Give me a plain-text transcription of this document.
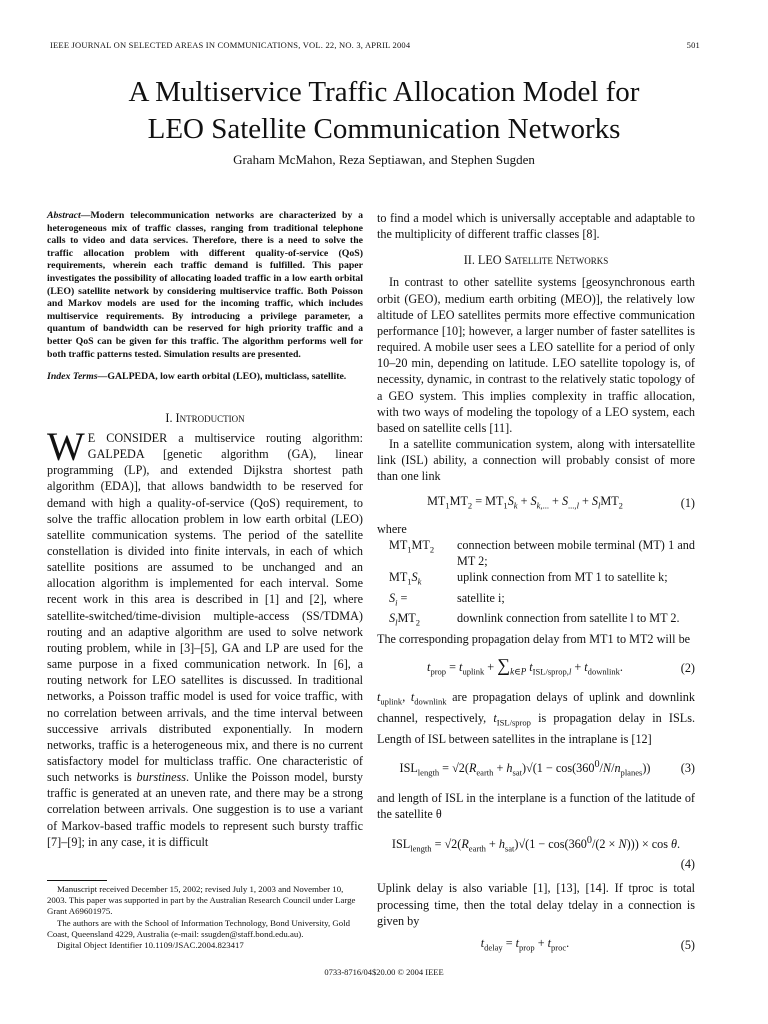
IEEE JOURNAL ON SELECTED AREAS IN COMMUNICATIONS, VOL. 22, NO. 3, APRIL 2004	501
A Multiservice Traffic Allocation Model for
LEO Satellite Communication Networks
Graham McMahon, Reza Septiawan, and Stephen Sugden
Abstract—Modern telecommunication networks are characterized by a heterogeneous mix of traffic classes, ranging from traditional telephone calls to video and data services. Therefore, there is a need to solve the traffic allocation problem with different quality-of-service (QoS) requirements, wherein each traffic demand is fulfilled. This paper investigates the possibility of allocating loaded traffic in a low earth orbital (LEO) satellite network by considering multiservice traffic. Both Poisson and Markov models are used for the incoming traffic, which includes multiservice requirements. By introducing a privilege parameter, a quantum of bandwidth can be reserved for high priority traffic and a better QoS can be given for this traffic. The algorithm performs well for both traffic patterns tested. Simulation results are presented.
Index Terms—GALPEDA, low earth orbital (LEO), multiclass, satellite.
I. Introduction

W E CONSIDER a multiservice routing algorithm: GALPEDA [genetic algorithm (GA), linear programming (LP), and extended Dijkstra shortest path algorithm (EDA)], that allows bandwidth to be reserved for demand with high a quality-of-service (QoS) requirement, to solve the traffic allocation problem in low earth orbital (LEO) satellite communication systems. The period of the satellite constellation is divided into finite intervals, in each of which satellite positions are assumed to be unchanged and an allocation algorithm is implemented for each interval. Some recent work in this area is described in [1] and [2], where satellite-switched/time-division multiple-access (SS/TDMA) routing and an adaptive algorithm are used to solve network routing problem, while in [3]–[5], GA and LP are used for the same purpose in a fixed communication network. In [6], a routing network for LEO satellites is discussed. In traditional networks, a Poisson traffic model is used for voice traffic, with no correlation between arrivals, and the time interval between successive arrivals distributed exponentially. In modern networks, traffic is a heterogeneous mix, and there is no current satisfactory model for multiclass traffic. One characteristic of such networks is burstiness. Unlike the Poisson model, bursty traffic is generated at an uneven rate, and there may be a strong correlation between arrivals. One suggestion is to use a variant of Markov-based traffic models to represent such bursty traffic [7]–[9]; in any case, it is difficult

Manuscript received December 15, 2002; revised July 1, 2003 and November 10, 2003. This paper was supported in part by the Australian Research Council under Large Grant A69601975.

The authors are with the School of Information Technology, Bond University, Gold Coast, Queensland 4229, Australia (e-mail: ssugden@staff.bond.edu.au).

Digital Object Identifier 10.1109/JSAC.2004.823417

to find a model which is universally acceptable and adaptable to the multiplicity of different traffic classes [8].

II. LEO Satellite Networks

In contrast to other satellite systems [geosynchronous earth orbit (GEO), medium earth orbiting (MEO)], the relatively low altitude of LEO satellites permits more effective communication performance [10]; however, a larger number of faster satellites is required. A mobile user sees a LEO satellite for a period of only 10–20 min, depending on latitude. LEO satellite topology is, of necessity, dynamic, in contrast to the relatively static topology of a GEO system. This implies complexity in traffic allocation, with two ways of modeling the topology of a LEO system, each based on satellite cells [11].

In a satellite communication system, along with intersatellite link (ISL) ability, a connection will probably consist of more than one link

$MT_1MT_2 = MT_1S_k + S_{k,...} + S_{...,l} + S_lMT_2$	(1)

where

$MT_1MT_2$	connection between mobile terminal (MT) 1 and MT 2;
$MT_1S_k$	uplink connection from MT 1 to satellite k;
$S_i$ =	satellite i;
$S_lMT_2$	downlink connection from satellite l to MT 2.

The corresponding propagation delay from MT1 to MT2 will be

$t_{prop} = t_{uplink} + \sum_{k\in P}$ $t_{ISL/sprop,l} + t_{downlink}$.	(2)

$t_{uplink}$, $t_{downlink}$ are propagation delays of uplink and downlink channel, respectively, $t_{ISL/sprop}$ is propagation delay in ISLs. Length of ISL between satellites in the intraplane is [12]

$ISL_{length} = √2(R_{earth} + h_{sat})√(1 - \cos(360^0/N/n_{planes}))$	(3)

and length of ISL in the interplane is a function of the latitude of the satellite θ

$ISL_{length} = √2(R_{earth} + h_{sat})√(1 - \cos(360^0/(2 \times N))) \times \cos \theta$.
(4)

Uplink delay is also variable [1], [13], [14]. If tproc is total processing time, then the total delay tdelay in a connection is given by

$t_{delay} = t_{prop} + t_{proc}$.	(5)
0733-8716/04$20.00 © 2004 IEEE
